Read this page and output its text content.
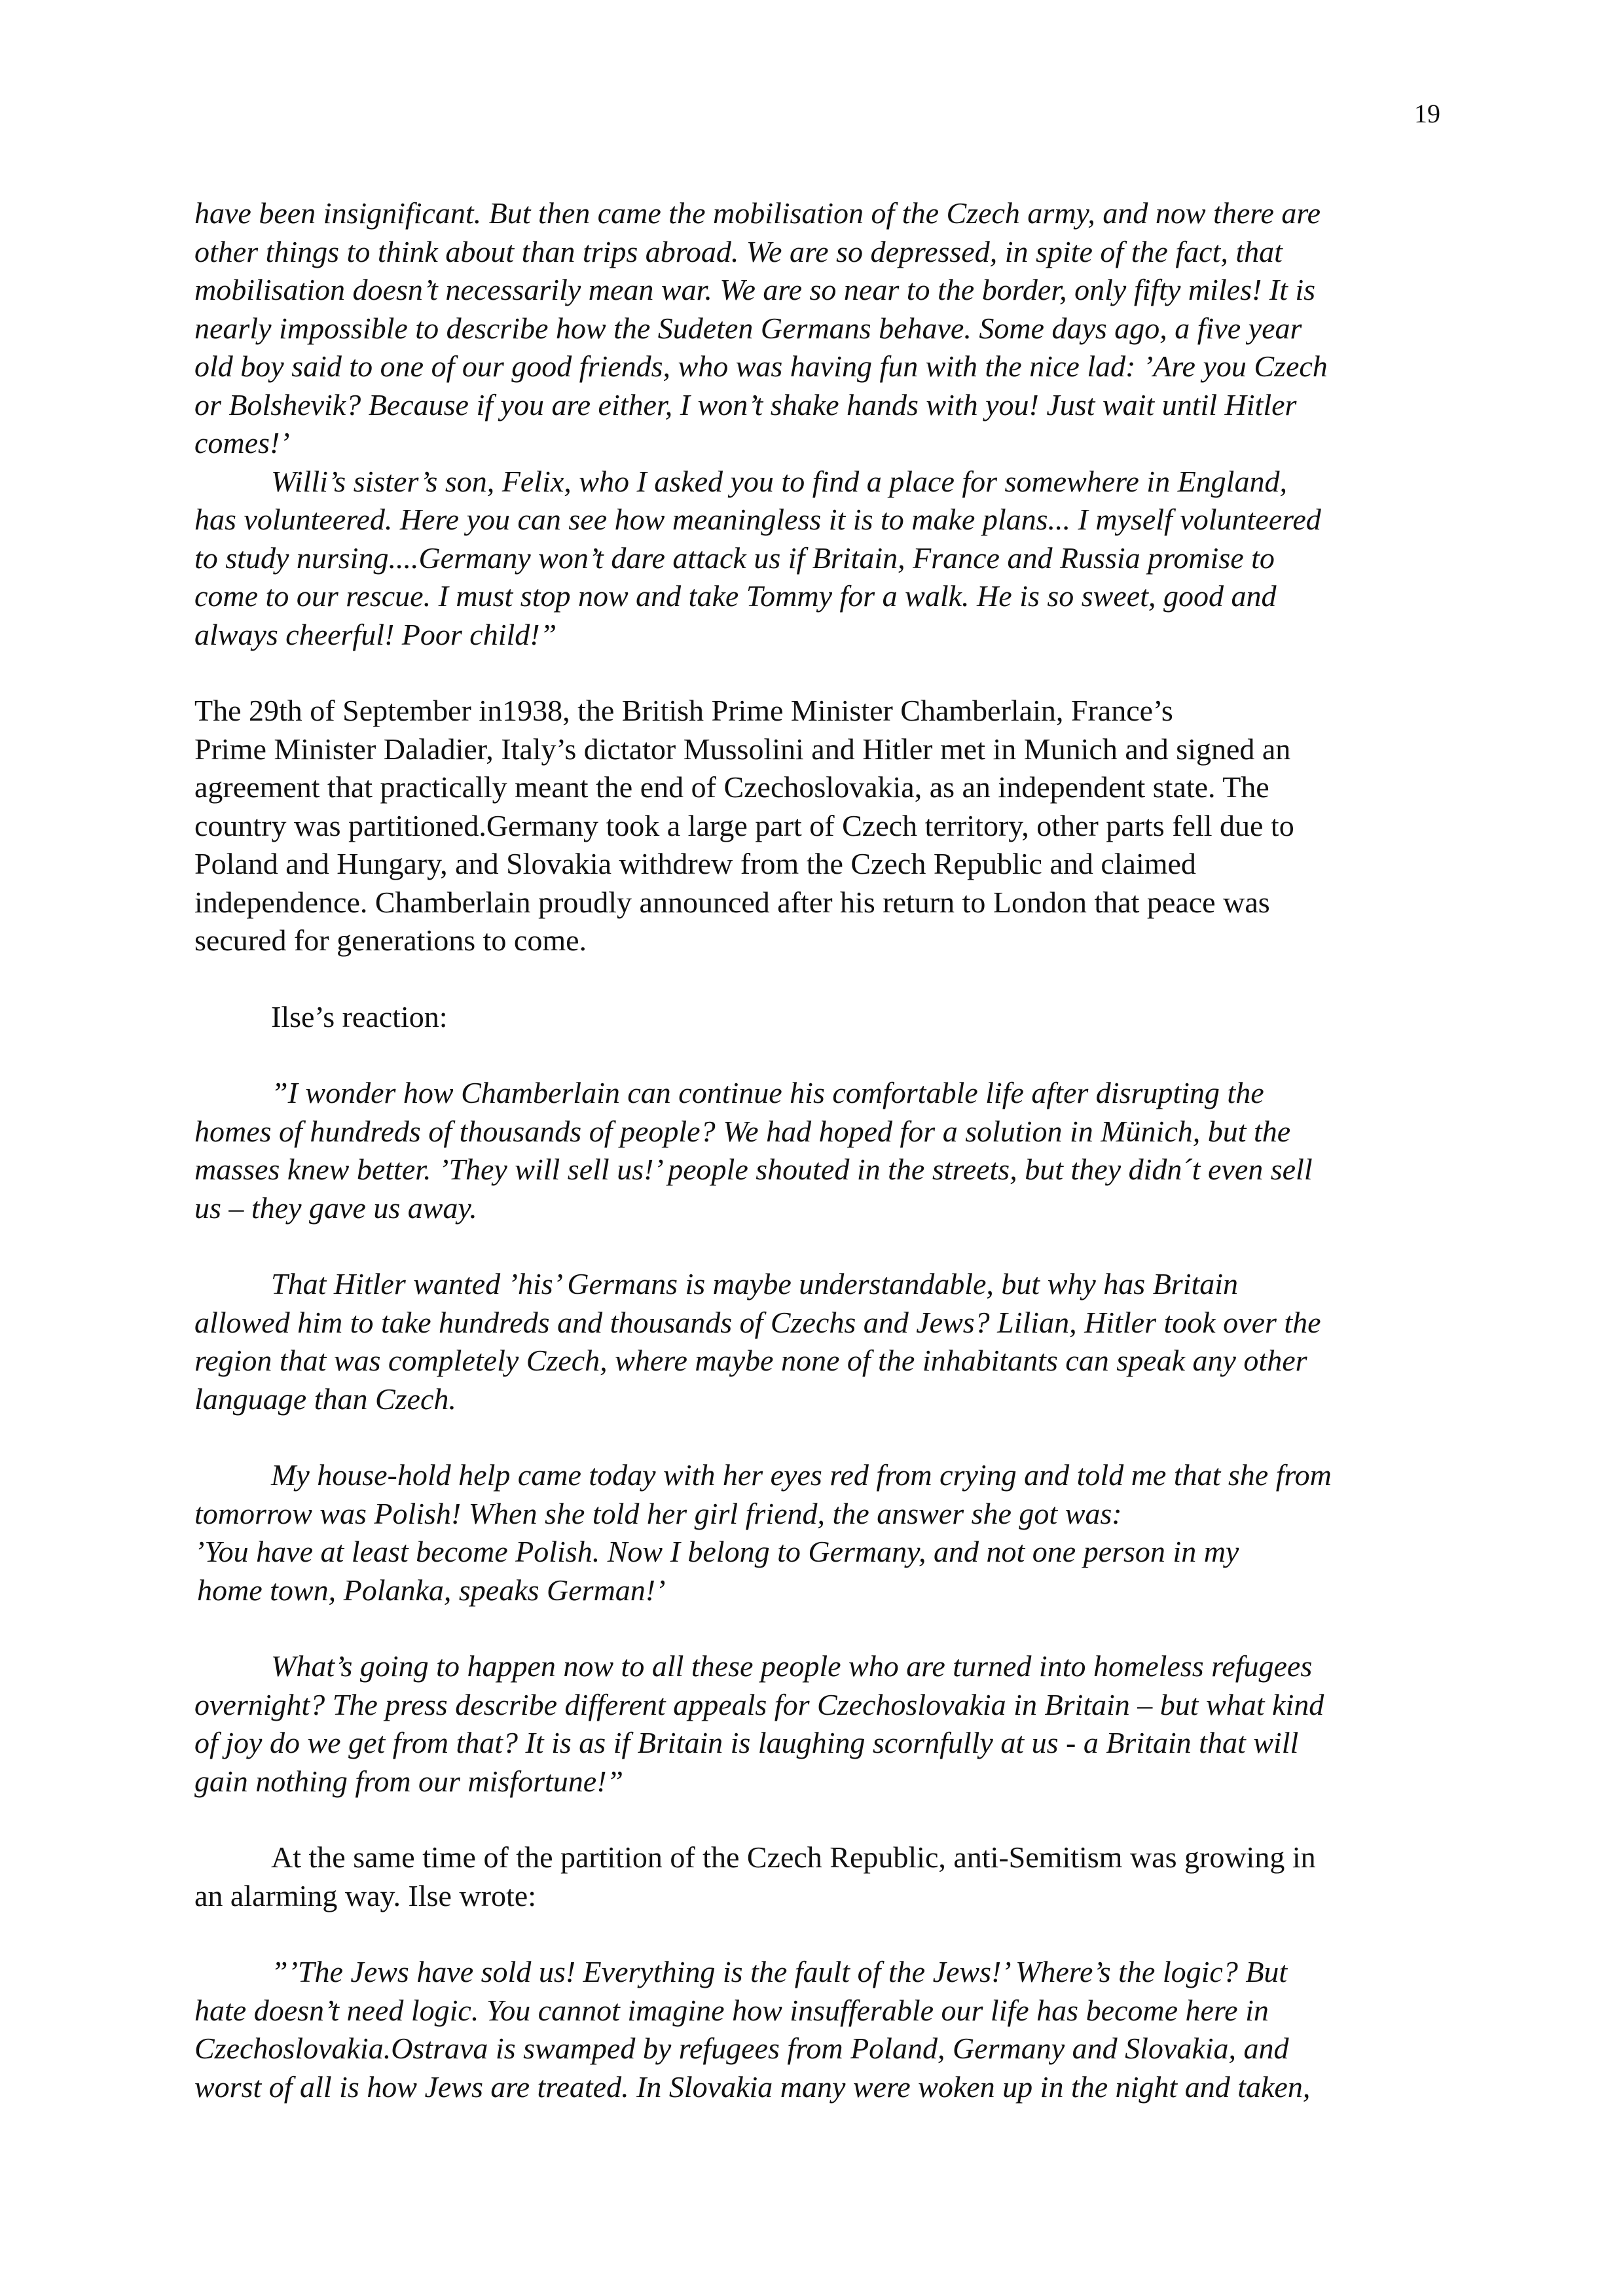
19
have been insignificant. But then came the mobilisation of the Czech army, and now there are
other things to think about than trips abroad. We are so depressed, in spite of the fact, that
mobilisation doesn’t necessarily mean war. We are so near to the border, only fifty miles! It is
nearly impossible to describe how the Sudeten Germans behave. Some days ago, a five year
old boy said to one of our good friends, who was having fun with the nice lad: ’Are you Czech
or Bolshevik? Because if you are either, I won’t shake hands with you! Just wait until Hitler
comes!’
Willi’s sister’s son, Felix, who I asked you to find a place for somewhere in England,
has volunteered. Here you can see how meaningless it is to make plans... I myself volunteered
to study nursing....Germany won’t dare attack us if Britain, France and Russia promise to
come to our rescue. I must stop now and take Tommy for a walk. He is so sweet, good and
always cheerful! Poor child!”
The 29th of September in1938, the British Prime Minister Chamberlain, France’s
Prime Minister Daladier, Italy’s dictator Mussolini and Hitler met in Munich and signed an
agreement that practically meant the end of Czechoslovakia, as an independent state. The
country was partitioned.Germany took a large part of Czech territory, other parts fell due to
Poland and Hungary, and Slovakia withdrew from the Czech Republic and claimed
independence. Chamberlain proudly announced after his return to London that peace was
secured for generations to come.
Ilse’s reaction:
”I wonder how Chamberlain can continue his comfortable life after disrupting the
homes of hundreds of thousands of people? We had hoped for a solution in Münich, but the
masses knew better. ’They will sell us!’ people shouted in the streets, but they didn´t even sell
us – they gave us away.
That Hitler wanted ’his’ Germans is maybe understandable, but why has Britain
allowed him to take hundreds and thousands of Czechs and Jews? Lilian, Hitler took over the
region that was completely Czech, where maybe none of the inhabitants can speak any other
language than Czech.
My house-hold help came today with her eyes red from crying and told me that she from
tomorrow was Polish! When she told her girl friend, the answer she got was:
’You have at least become Polish. Now I belong to Germany, and not one person in my
home town, Polanka, speaks German!’
What’s going to happen now to all these people who are turned into homeless refugees
overnight? The press describe different appeals for Czechoslovakia in Britain – but what kind
of joy do we get from that? It is as if Britain is laughing scornfully at us - a Britain that will
gain nothing from our misfortune!”
At the same time of the partition of the Czech Republic, anti-Semitism was growing in
an alarming way. Ilse wrote:
”’The Jews have sold us! Everything is the fault of the Jews!’ Where’s the logic? But
hate doesn’t need logic. You cannot imagine how insufferable our life has become here in
Czechoslovakia.Ostrava is swamped by refugees from Poland, Germany and Slovakia, and
worst of all is how Jews are treated. In Slovakia many were woken up in the night and taken,
